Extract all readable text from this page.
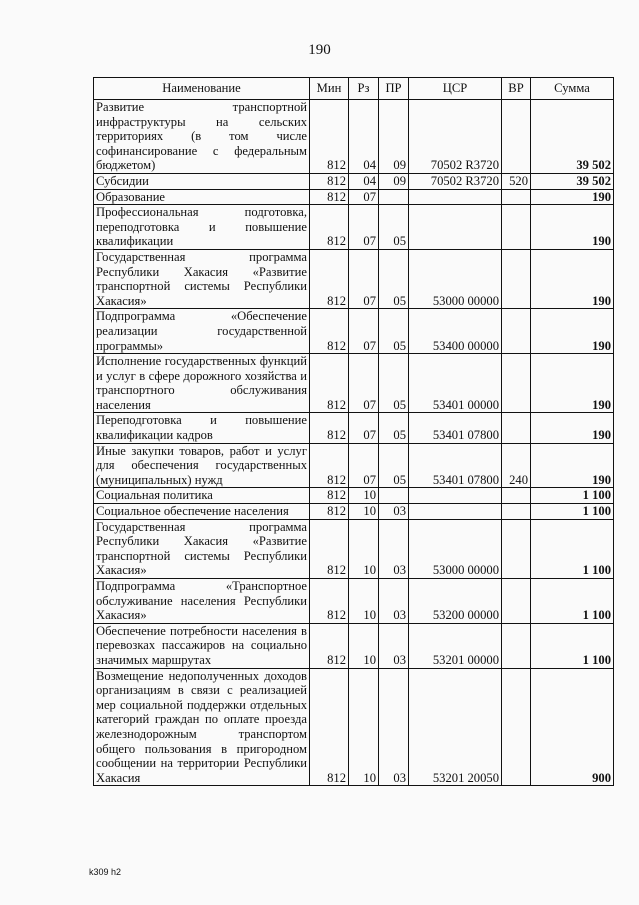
190
Наименование	Мин	Рз	ПР	ЦСР	ВР	Сумма
Развитие транспортной инфраструктуры на сельских территориях (в том числе софинансирование с федеральным бюджетом)	812	04	09	70502 R3720		39 502
Субсидии	812	04	09	70502 R3720	520	39 502
Образование	812	07				190
Профессиональная подготовка, переподготовка и повышение квалификации	812	07	05			190
Государственная программа Республики Хакасия «Развитие транспортной системы Республики Хакасия»	812	07	05	53000 00000		190
Подпрограмма «Обеспечение реализации государственной программы»	812	07	05	53400 00000		190
Исполнение государственных функций и услуг в сфере дорожного хозяйства и транспортного обслуживания населения	812	07	05	53401 00000		190
Переподготовка и повышение квалификации кадров	812	07	05	53401 07800		190
Иные закупки товаров, работ и услуг для обеспечения государственных (муниципальных) нужд	812	07	05	53401 07800	240	190
Социальная политика	812	10				1 100
Социальное обеспечение населения	812	10	03			1 100
Государственная программа Республики Хакасия «Развитие транспортной системы Республики Хакасия»	812	10	03	53000 00000		1 100
Подпрограмма «Транспортное обслуживание населения Республики Хакасия»	812	10	03	53200 00000		1 100
Обеспечение потребности населения в перевозках пассажиров на социально значимых маршрутах	812	10	03	53201 00000		1 100
Возмещение недополученных доходов организациям в связи с реализацией мер социальной поддержки отдельных категорий граждан по оплате проезда железнодорожным транспортом общего пользования в пригородном сообщении на территории Республики Хакасия	812	10	03	53201 20050		900
k309 h2
